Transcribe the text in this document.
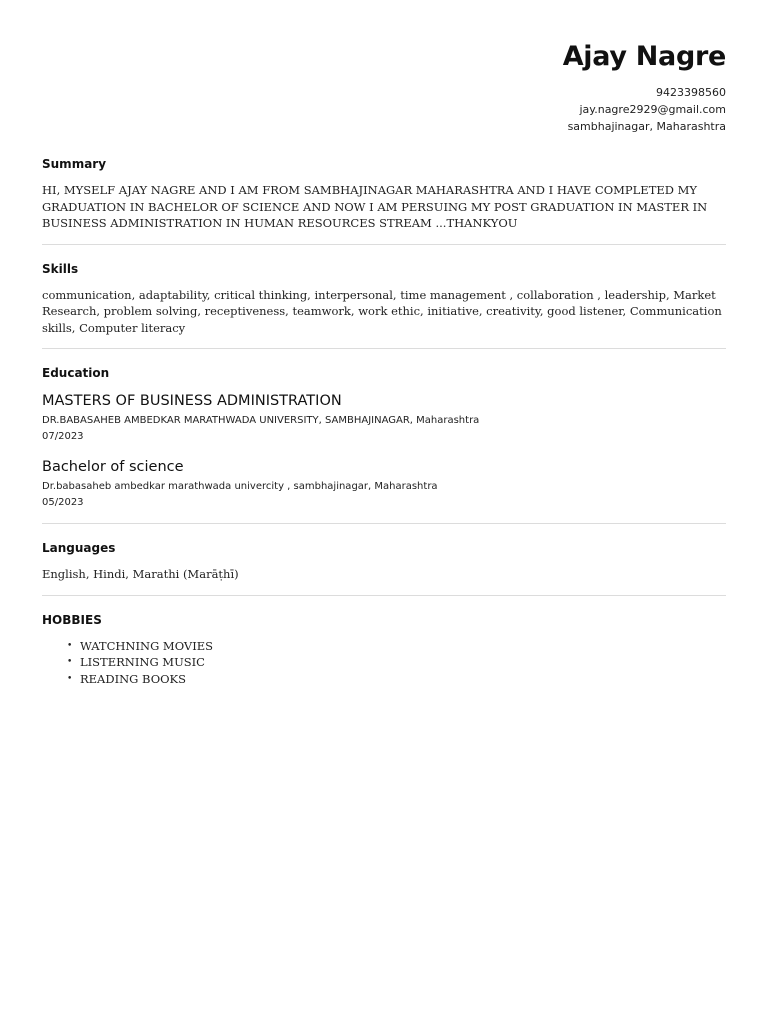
Ajay Nagre
9423398560
jay.nagre2929@gmail.com
sambhajinagar, Maharashtra
Summary

HI, MYSELF AJAY NAGRE AND I AM FROM SAMBHAJINAGAR MAHARASHTRA AND I HAVE COMPLETED MY GRADUATION IN BACHELOR OF SCIENCE AND NOW I AM PERSUING MY POST GRADUATION IN MASTER IN BUSINESS ADMINISTRATION IN HUMAN RESOURCES STREAM ...THANKYOU

Skills

communication, adaptability, critical thinking, interpersonal, time management , collaboration , leadership, Market Research, problem solving, receptiveness, teamwork, work ethic, initiative, creativity, good listener, Communication skills, Computer literacy

Education
MASTERS OF BUSINESS ADMINISTRATION
DR.BABASAHEB AMBEDKAR MARATHWADA UNIVERSITY, SAMBHAJINAGAR, Maharashtra
07/2023
Bachelor of science
Dr.babasaheb ambedkar marathwada univercity , sambhajinagar, Maharashtra
05/2023
Languages

English, Hindi, Marathi (Marāṭhī)

HOBBIES
• WATCHNING MOVIES
• LISTERNING MUSIC
• READING BOOKS
